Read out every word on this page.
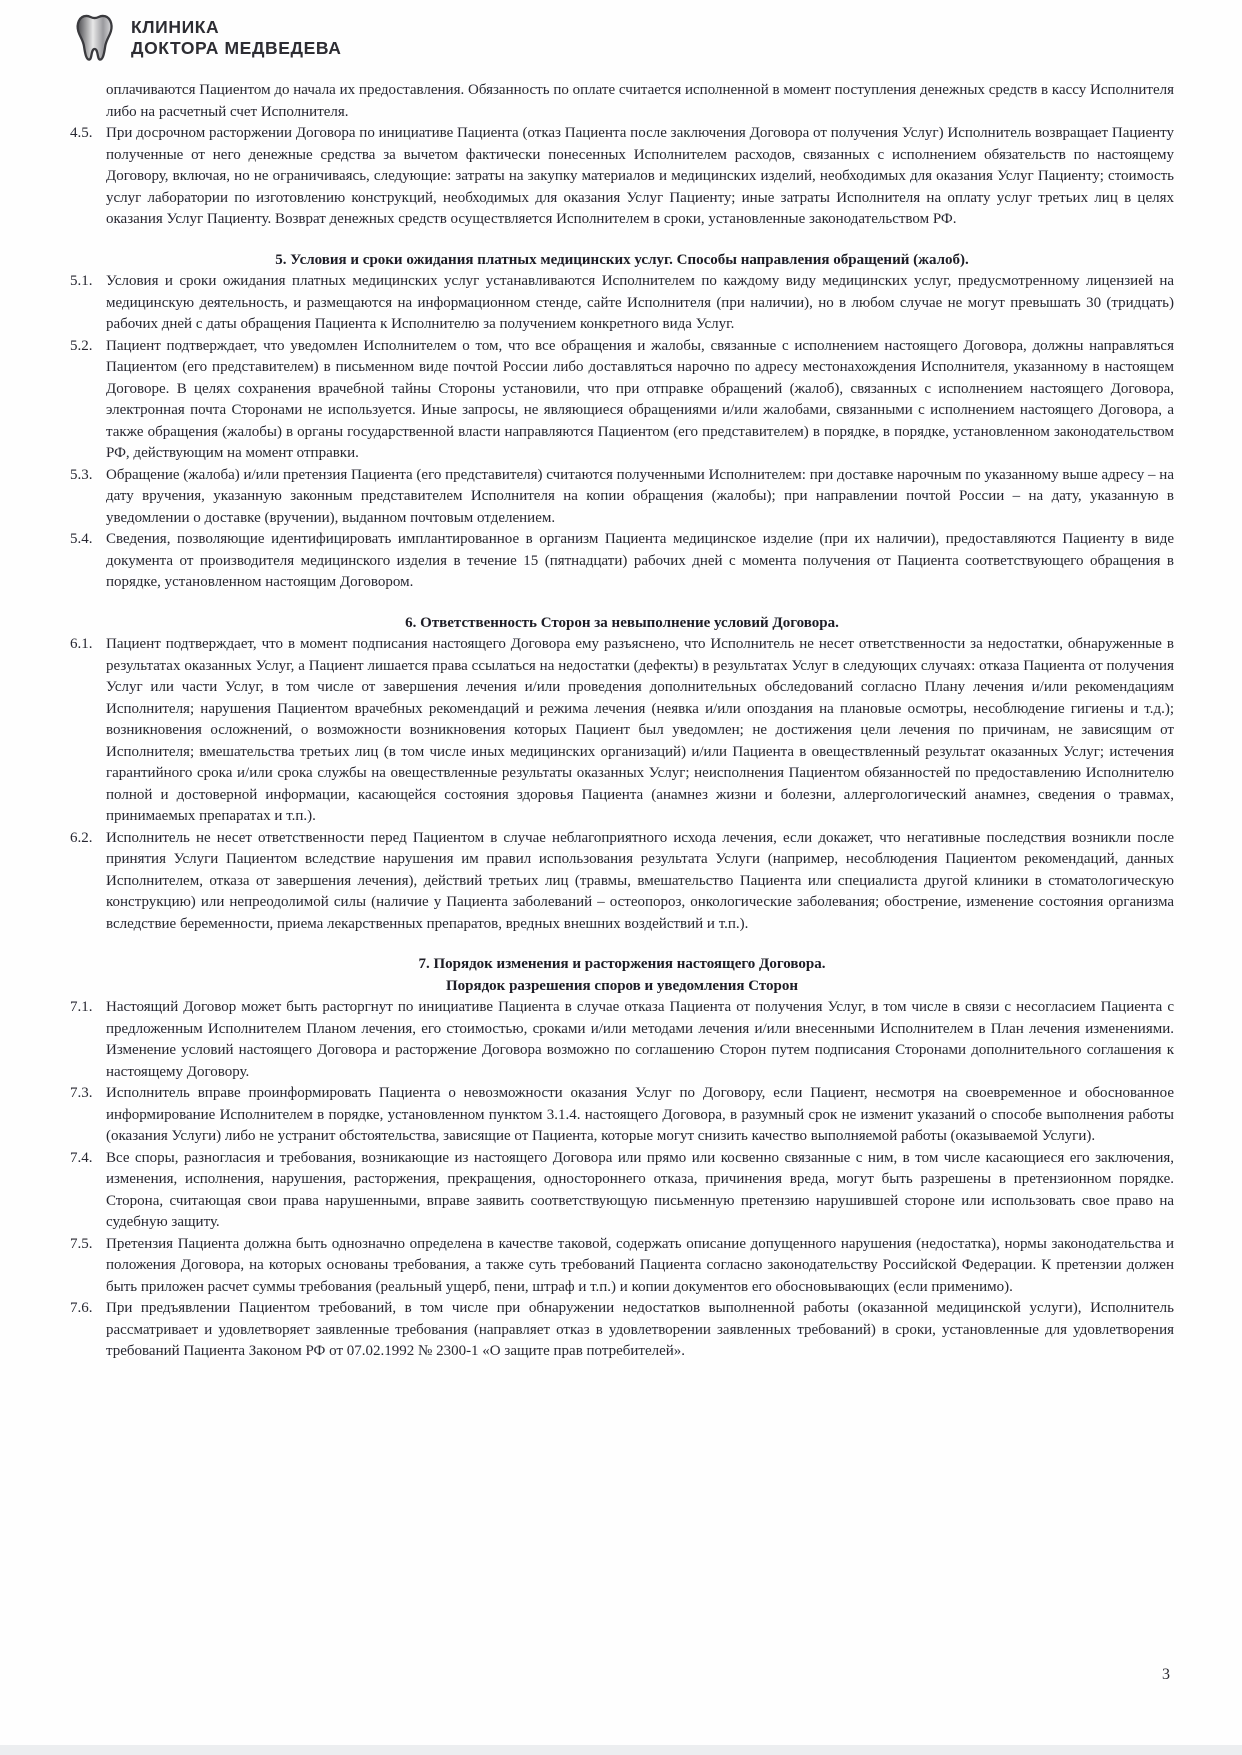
КЛИНИКА
ДОКТОРА МЕДВЕДЕВА
оплачиваются Пациентом до начала их предоставления. Обязанность по оплате считается исполненной в момент поступления денежных средств в кассу Исполнителя либо на расчетный счет Исполнителя.
4.5. При досрочном расторжении Договора по инициативе Пациента (отказ Пациента после заключения Договора от получения Услуг) Исполнитель возвращает Пациенту полученные от него денежные средства за вычетом фактически понесенных Исполнителем расходов, связанных с исполнением обязательств по настоящему Договору, включая, но не ограничиваясь, следующие: затраты на закупку материалов и медицинских изделий, необходимых для оказания Услуг Пациенту; стоимость услуг лаборатории по изготовлению конструкций, необходимых для оказания Услуг Пациенту; иные затраты Исполнителя на оплату услуг третьих лиц в целях оказания Услуг Пациенту. Возврат денежных средств осуществляется Исполнителем в сроки, установленные законодательством РФ.
5. Условия и сроки ожидания платных медицинских услуг. Способы направления обращений (жалоб).
5.1. Условия и сроки ожидания платных медицинских услуг устанавливаются Исполнителем по каждому виду медицинских услуг, предусмотренному лицензией на медицинскую деятельность, и размещаются на информационном стенде, сайте Исполнителя (при наличии), но в любом случае не могут превышать 30 (тридцать) рабочих дней с даты обращения Пациента к Исполнителю за получением конкретного вида Услуг.
5.2. Пациент подтверждает, что уведомлен Исполнителем о том, что все обращения и жалобы, связанные с исполнением настоящего Договора, должны направляться Пациентом (его представителем) в письменном виде почтой России либо доставляться нарочно по адресу местонахождения Исполнителя, указанному в настоящем Договоре. В целях сохранения врачебной тайны Стороны установили, что при отправке обращений (жалоб), связанных с исполнением настоящего Договора, электронная почта Сторонами не используется. Иные запросы, не являющиеся обращениями и/или жалобами, связанными с исполнением настоящего Договора, а также обращения (жалобы) в органы государственной власти направляются Пациентом (его представителем) в порядке, в порядке, установленном законодательством РФ, действующим на момент отправки.
5.3. Обращение (жалоба) и/или претензия Пациента (его представителя) считаются полученными Исполнителем: при доставке нарочным по указанному выше адресу – на дату вручения, указанную законным представителем Исполнителя на копии обращения (жалобы); при направлении почтой России – на дату, указанную в уведомлении о доставке (вручении), выданном почтовым отделением.
5.4. Сведения, позволяющие идентифицировать имплантированное в организм Пациента медицинское изделие (при их наличии), предоставляются Пациенту в виде документа от производителя медицинского изделия в течение 15 (пятнадцати) рабочих дней с момента получения от Пациента соответствующего обращения в порядке, установленном настоящим Договором.
6. Ответственность Сторон за невыполнение условий Договора.
6.1. Пациент подтверждает, что в момент подписания настоящего Договора ему разъяснено, что Исполнитель не несет ответственности за недостатки, обнаруженные в результатах оказанных Услуг, а Пациент лишается права ссылаться на недостатки (дефекты) в результатах Услуг в следующих случаях: отказа Пациента от получения Услуг или части Услуг, в том числе от завершения лечения и/или проведения дополнительных обследований согласно Плану лечения и/или рекомендациям Исполнителя; нарушения Пациентом врачебных рекомендаций и режима лечения (неявка и/или опоздания на плановые осмотры, несоблюдение гигиены и т.д.); возникновения осложнений, о возможности возникновения которых Пациент был уведомлен; не достижения цели лечения по причинам, не зависящим от Исполнителя; вмешательства третьих лиц (в том числе иных медицинских организаций) и/или Пациента в овеществленный результат оказанных Услуг; истечения гарантийного срока и/или срока службы на овеществленные результаты оказанных Услуг; неисполнения Пациентом обязанностей по предоставлению Исполнителю полной и достоверной информации, касающейся состояния здоровья Пациента (анамнез жизни и болезни, аллергологический анамнез, сведения о травмах, принимаемых препаратах и т.п.).
6.2. Исполнитель не несет ответственности перед Пациентом в случае неблагоприятного исхода лечения, если докажет, что негативные последствия возникли после принятия Услуги Пациентом вследствие нарушения им правил использования результата Услуги (например, несоблюдения Пациентом рекомендаций, данных Исполнителем, отказа от завершения лечения), действий третьих лиц (травмы, вмешательство Пациента или специалиста другой клиники в стоматологическую конструкцию) или непреодолимой силы (наличие у Пациента заболеваний – остеопороз, онкологические заболевания; обострение, изменение состояния организма вследствие беременности, приема лекарственных препаратов, вредных внешних воздействий и т.п.).
7. Порядок изменения и расторжения настоящего Договора.
Порядок разрешения споров и уведомления Сторон
7.1. Настоящий Договор может быть расторгнут по инициативе Пациента в случае отказа Пациента от получения Услуг, в том числе в связи с несогласием Пациента с предложенным Исполнителем Планом лечения, его стоимостью, сроками и/или методами лечения и/или внесенными Исполнителем в План лечения изменениями. Изменение условий настоящего Договора и расторжение Договора возможно по соглашению Сторон путем подписания Сторонами дополнительного соглашения к настоящему Договору.
7.3. Исполнитель вправе проинформировать Пациента о невозможности оказания Услуг по Договору, если Пациент, несмотря на своевременное и обоснованное информирование Исполнителем в порядке, установленном пунктом 3.1.4. настоящего Договора, в разумный срок не изменит указаний о способе выполнения работы (оказания Услуги) либо не устранит обстоятельства, зависящие от Пациента, которые могут снизить качество выполняемой работы (оказываемой Услуги).
7.4. Все споры, разногласия и требования, возникающие из настоящего Договора или прямо или косвенно связанные с ним, в том числе касающиеся его заключения, изменения, исполнения, нарушения, расторжения, прекращения, одностороннего отказа, причинения вреда, могут быть разрешены в претензионном порядке. Сторона, считающая свои права нарушенными, вправе заявить соответствующую письменную претензию нарушившей стороне или использовать свое право на судебную защиту.
7.5. Претензия Пациента должна быть однозначно определена в качестве таковой, содержать описание допущенного нарушения (недостатка), нормы законодательства и положения Договора, на которых основаны требования, а также суть требований Пациента согласно законодательству Российской Федерации. К претензии должен быть приложен расчет суммы требования (реальный ущерб, пени, штраф и т.п.) и копии документов его обосновывающих (если применимо).
7.6. При предъявлении Пациентом требований, в том числе при обнаружении недостатков выполненной работы (оказанной медицинской услуги), Исполнитель рассматривает и удовлетворяет заявленные требования (направляет отказ в удовлетворении заявленных требований) в сроки, установленные для удовлетворения требований Пациента Законом РФ от 07.02.1992 № 2300-1 «О защите прав потребителей».
3
